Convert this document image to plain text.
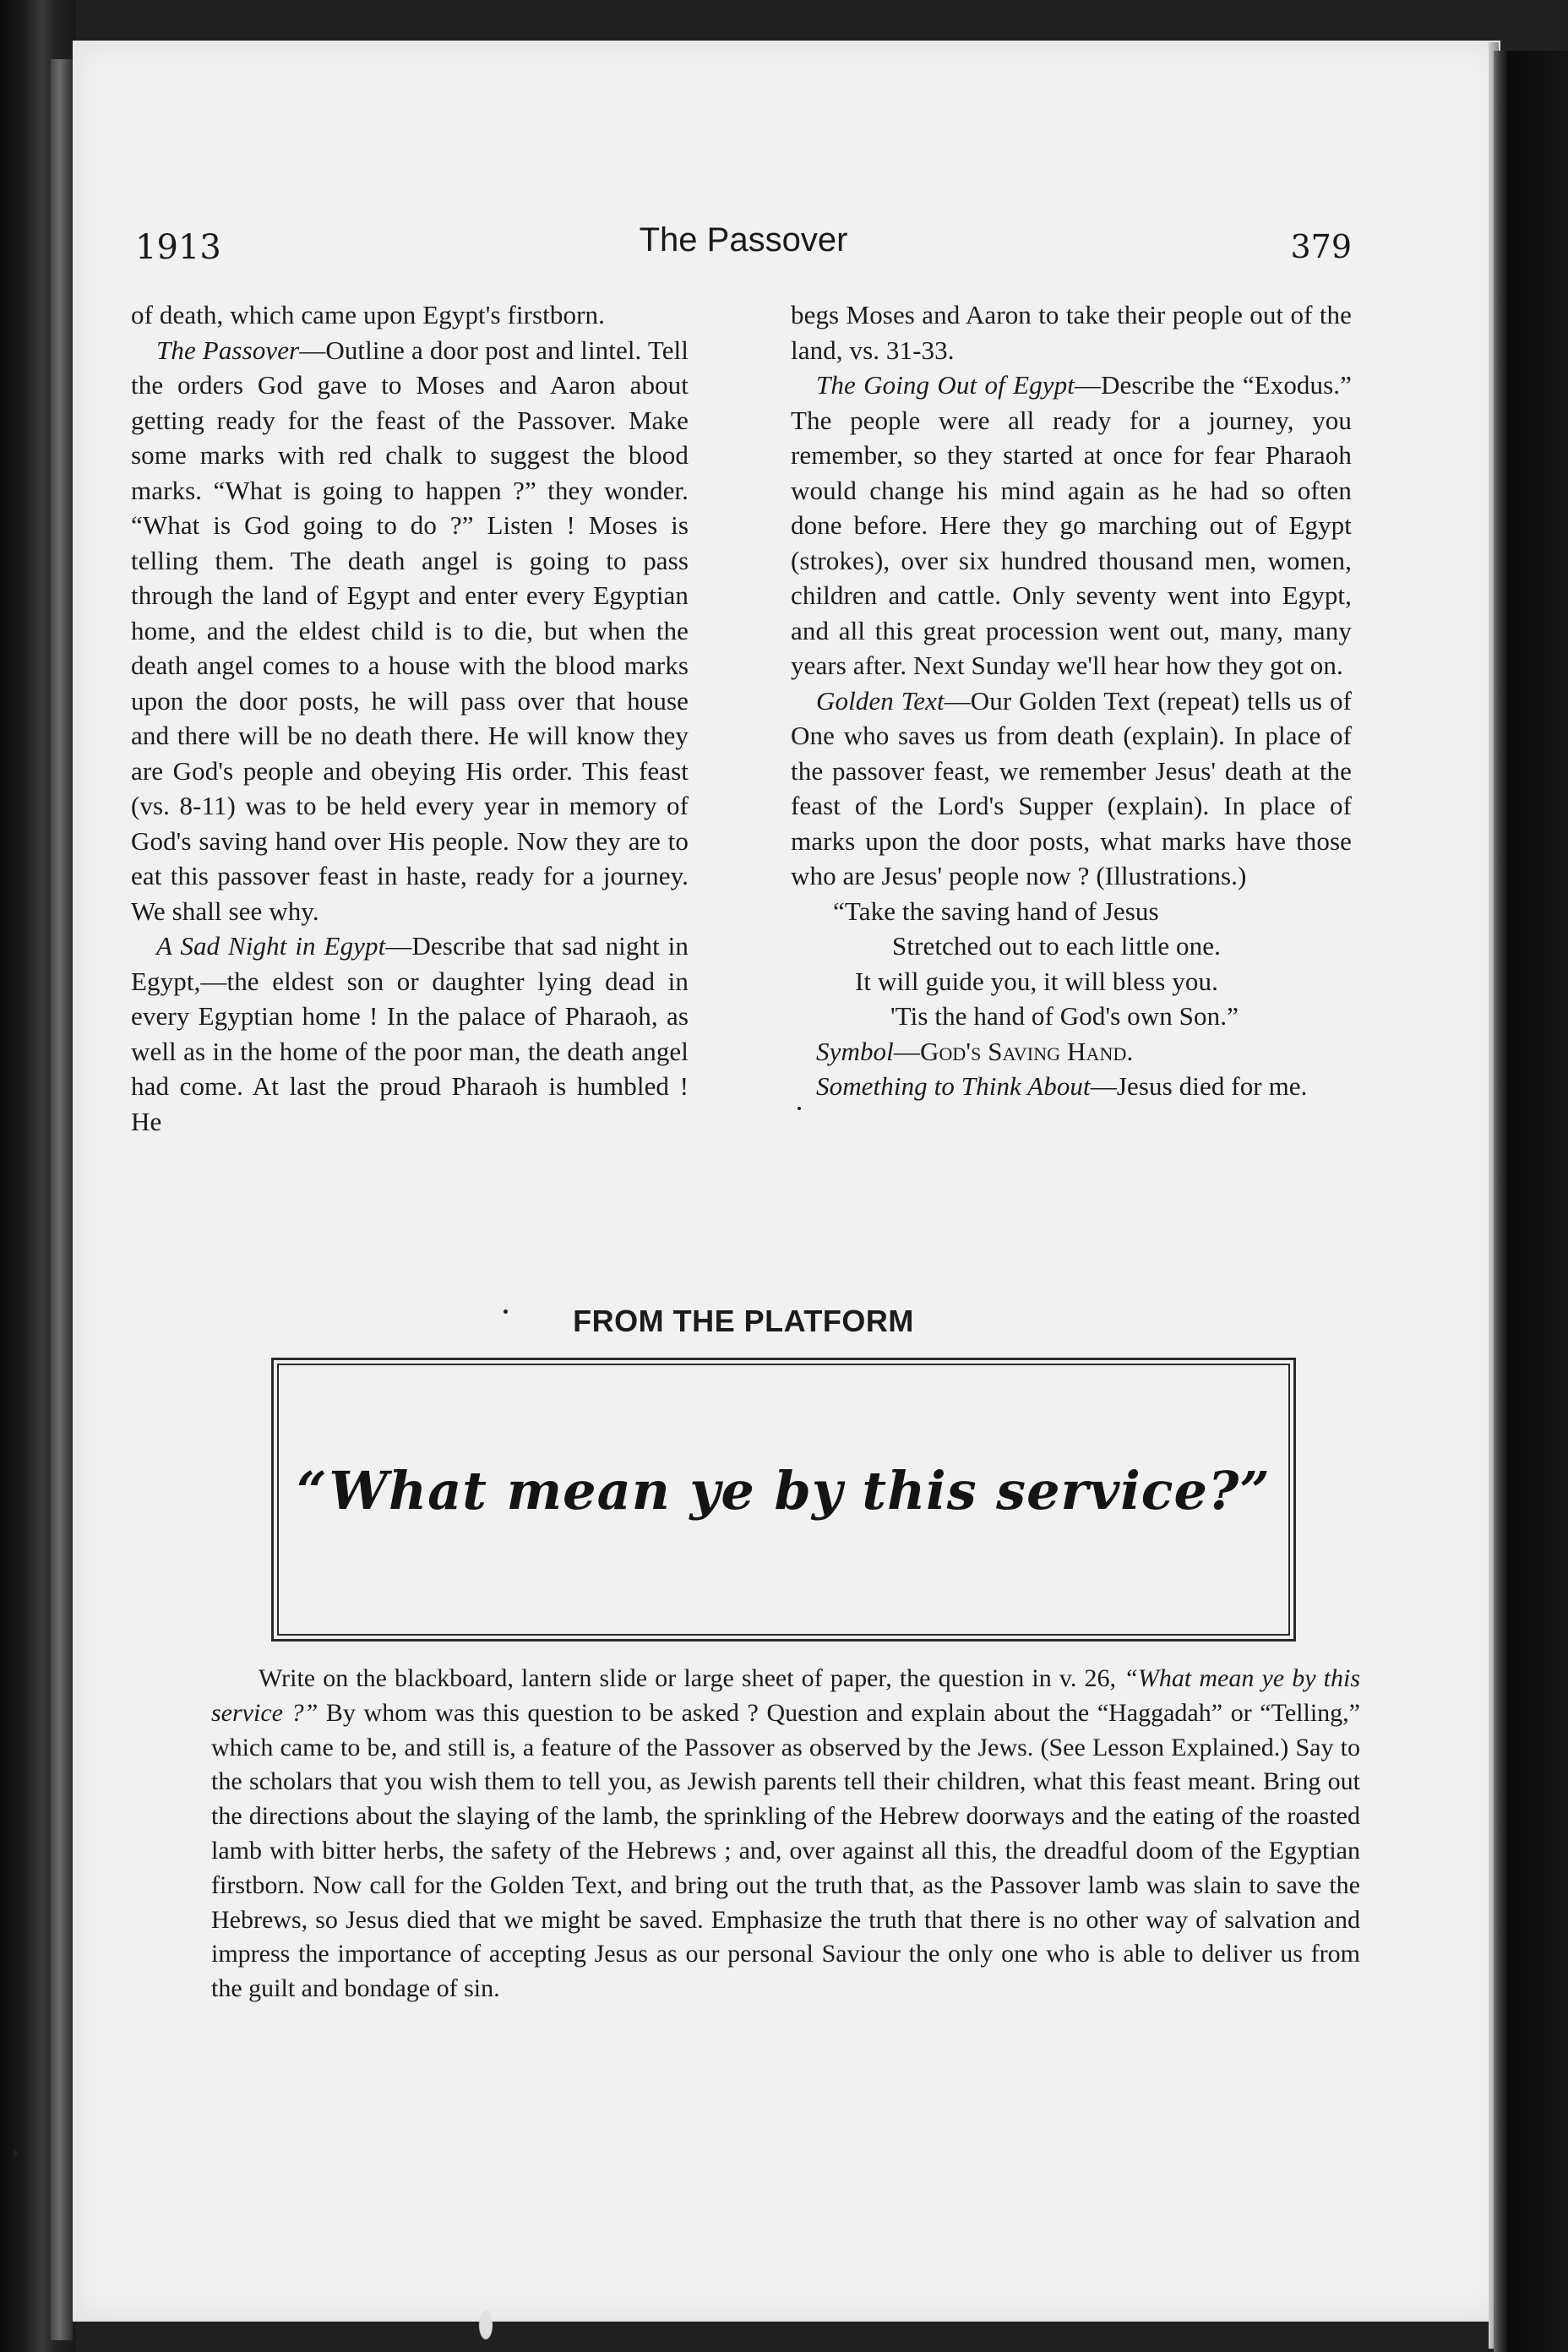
1913	The Passover	379

of death, which came upon Egypt's firstborn.

The Passover—Outline a door post and lintel. Tell the orders God gave to Moses and Aaron about getting ready for the feast of the Passover. Make some marks with red chalk to suggest the blood marks. “What is going to happen ?” they wonder. “What is God going to do ?” Listen ! Moses is telling them. The death angel is going to pass through the land of Egypt and enter every Egyptian home, and the eldest child is to die, but when the death angel comes to a house with the blood marks upon the door posts, he will pass over that house and there will be no death there. He will know they are God's people and obeying His order. This feast (vs. 8-11) was to be held every year in memory of God's saving hand over His people. Now they are to eat this passover feast in haste, ready for a journey. We shall see why.

A Sad Night in Egypt—Describe that sad night in Egypt,—the eldest son or daughter lying dead in every Egyptian home ! In the palace of Pharaoh, as well as in the home of the poor man, the death angel had come. At last the proud Pharaoh is humbled ! He

begs Moses and Aaron to take their people out of the land, vs. 31-33.

The Going Out of Egypt—Describe the “Exodus.” The people were all ready for a journey, you remember, so they started at once for fear Pharaoh would change his mind again as he had so often done before. Here they go marching out of Egypt (strokes), over six hundred thousand men, women, children and cattle. Only seventy went into Egypt, and all this great procession went out, many, many years after. Next Sunday we'll hear how they got on.

Golden Text—Our Golden Text (repeat) tells us of One who saves us from death (explain). In place of the passover feast, we remember Jesus' death at the feast of the Lord's Supper (explain). In place of marks upon the door posts, what marks have those who are Jesus' people now ? (Illustrations.)

“Take the saving hand of Jesus
Stretched out to each little one.
It will guide you, it will bless you.
'Tis the hand of God's own Son.”

Symbol—God's Saving Hand.

Something to Think About—Jesus died for me.

FROM THE PLATFORM
“What mean ye by this service?”
Write on the blackboard, lantern slide or large sheet of paper, the question in v. 26, “What mean ye by this service ?” By whom was this question to be asked ? Question and explain about the “Haggadah” or “Telling,” which came to be, and still is, a feature of the Passover as observed by the Jews. (See Lesson Explained.) Say to the scholars that you wish them to tell you, as Jewish parents tell their children, what this feast meant. Bring out the directions about the slaying of the lamb, the sprinkling of the Hebrew doorways and the eating of the roasted lamb with bitter herbs, the safety of the Hebrews ; and, over against all this, the dreadful doom of the Egyptian firstborn. Now call for the Golden Text, and bring out the truth that, as the Passover lamb was slain to save the Hebrews, so Jesus died that we might be saved. Emphasize the truth that there is no other way of salvation and impress the importance of accepting Jesus as our personal Saviour the only one who is able to deliver us from the guilt and bondage of sin.
